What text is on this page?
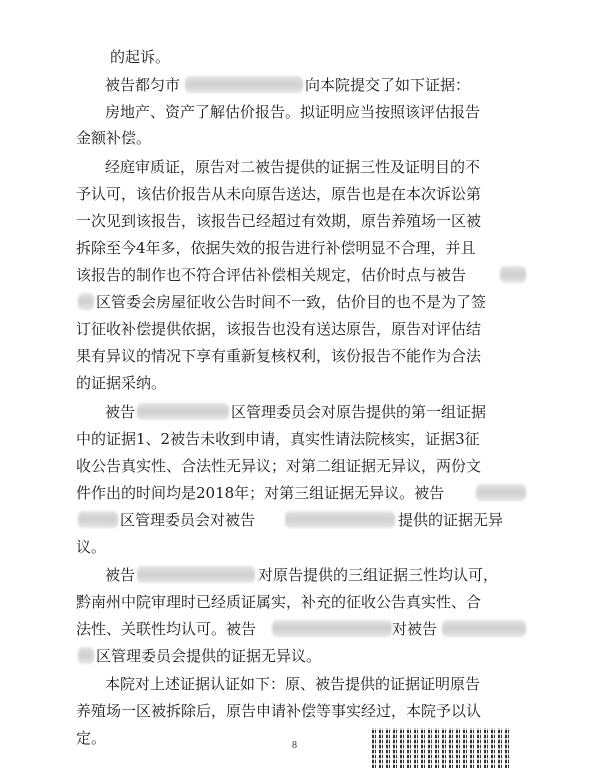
的起诉。
被告都匀市	向本院提交了如下证据：
房地产、资产了解估价报告。拟证明应当按照该评估报告
金额补偿。
经庭审质证，原告对二被告提供的证据三性及证明目的不
予认可，该估价报告从未向原告送达，原告也是在本次诉讼第
一次见到该报告，该报告已经超过有效期，原告养殖场一区被
拆除至今4年多，依据失效的报告进行补偿明显不合理，并且
该报告的制作也不符合评估补偿相关规定，估价时点与被告
区管委会房屋征收公告时间不一致，估价目的也不是为了签
订征收补偿提供依据，该报告也没有送达原告，原告对评估结
果有异议的情况下享有重新复核权利，该份报告不能作为合法
的证据采纳。
被告	区管理委员会对原告提供的第一组证据
中的证据1、2被告未收到申请，真实性请法院核实，证据3征
收公告真实性、合法性无异议；对第二组证据无异议，两份文
件作出的时间均是2018年；对第三组证据无异议。被告
区管理委员会对被告	提供的证据无异
议。
被告	对原告提供的三组证据三性均认可，
黔南州中院审理时已经质证属实，补充的征收公告真实性、合
法性、关联性均认可。被告	对被告
区管理委员会提供的证据无异议。
本院对上述证据认证如下：原、被告提供的证据证明原告
养殖场一区被拆除后，原告申请补偿等事实经过，本院予以认
定。	8
